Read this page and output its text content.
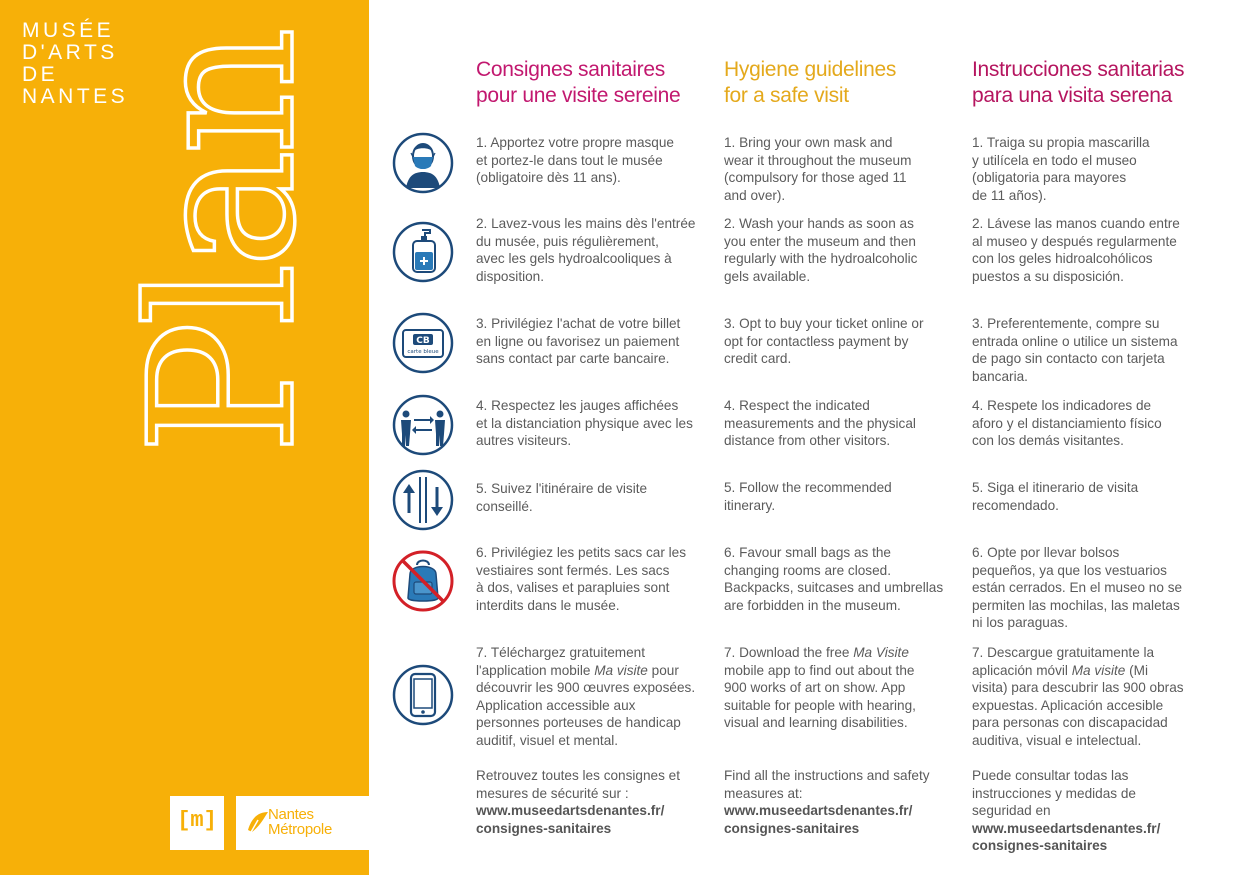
MUSÉE
D'ARTS
DE
NANTES
Plan
[m]	Nantes
Métropole
Consignes sanitaires
pour une visite sereine
Hygiene guidelines
for a safe visit
Instrucciones sanitarias
para una visita serena
CB
carte bleue
1. Apportez votre propre masque
et portez-le dans tout le musée
(obligatoire dès 11 ans).
2. Lavez-vous les mains dès l'entrée
du musée, puis régulièrement,
avec les gels hydroalcooliques à
disposition.
3. Privilégiez l'achat de votre billet
en ligne ou favorisez un paiement
sans contact par carte bancaire.
4. Respectez les jauges affichées
et la distanciation physique avec les
autres visiteurs.
5. Suivez l'itinéraire de visite
conseillé.
6. Privilégiez les petits sacs car les
vestiaires sont fermés. Les sacs
à dos, valises et parapluies sont
interdits dans le musée.
7. Téléchargez gratuitement
l'application mobile Ma visite pour
découvrir les 900 œuvres exposées.
Application accessible aux
personnes porteuses de handicap
auditif, visuel et mental.
Retrouvez toutes les consignes et
mesures de sécurité sur :
www.museedartsdenantes.fr/
consignes-sanitaires
1. Bring your own mask and
wear it throughout the museum
(compulsory for those aged 11
and over).
2. Wash your hands as soon as
you enter the museum and then
regularly with the hydroalcoholic
gels available.
3. Opt to buy your ticket online or
opt for contactless payment by
credit card.
4. Respect the indicated
measurements and the physical
distance from other visitors.
5. Follow the recommended
itinerary.
6. Favour small bags as the
changing rooms are closed.
Backpacks, suitcases and umbrellas
are forbidden in the museum.
7. Download the free Ma Visite
mobile app to find out about the
900 works of art on show. App
suitable for people with hearing,
visual and learning disabilities.
Find all the instructions and safety
measures at:
www.museedartsdenantes.fr/
consignes-sanitaires
1. Traiga su propia mascarilla
y utilícela en todo el museo
(obligatoria para mayores
de 11 años).
2. Lávese las manos cuando entre
al museo y después regularmente
con los geles hidroalcohólicos
puestos a su disposición.
3. Preferentemente, compre su
entrada online o utilice un sistema
de pago sin contacto con tarjeta
bancaria.
4. Respete los indicadores de
aforo y el distanciamiento físico
con los demás visitantes.
5. Siga el itinerario de visita
recomendado.
6. Opte por llevar bolsos
pequeños, ya que los vestuarios
están cerrados. En el museo no se
permiten las mochilas, las maletas
ni los paraguas.
7. Descargue gratuitamente la
aplicación móvil Ma visite (Mi
visita) para descubrir las 900 obras
expuestas. Aplicación accesible
para personas con discapacidad
auditiva, visual e intelectual.
Puede consultar todas las
instrucciones y medidas de
seguridad en
www.museedartsdenantes.fr/
consignes-sanitaires
